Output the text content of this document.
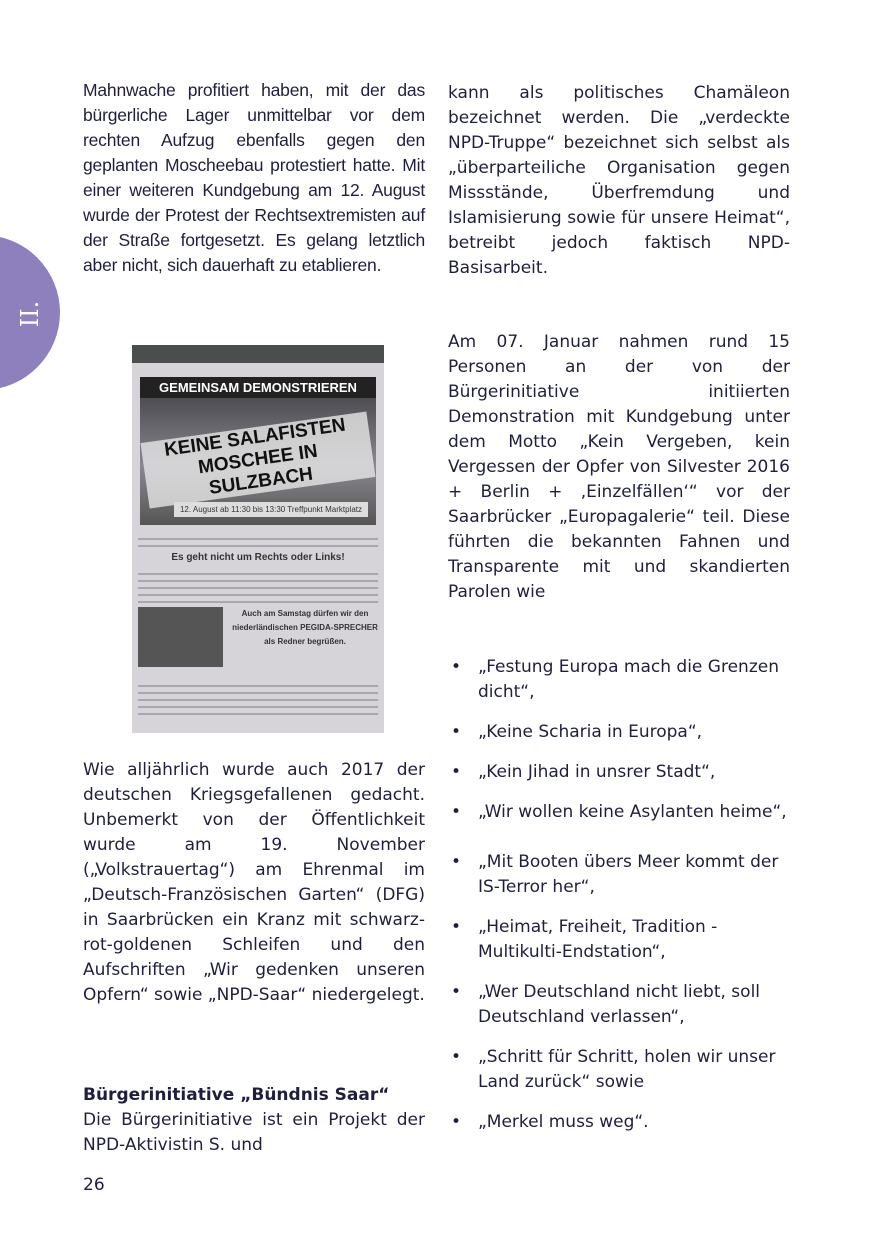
II.

Mahnwache profitiert haben, mit der das bürgerliche Lager unmittelbar vor dem rechten Aufzug ebenfalls gegen den geplanten Moscheebau protestiert hatte. Mit einer weiteren Kundgebung am 12. August wurde der Protest der Rechtsextremisten auf der Straße fortgesetzt. Es gelang letztlich aber nicht, sich dauerhaft zu etablieren.

GEMEINSAM DEMONSTRIEREN
KEINE SALAFISTEN MOSCHEE IN SULZBACH
12. August ab 11:30 bis 13:30 Treffpunkt Marktplatz
Es geht nicht um Rechts oder Links!
Auch am Samstag dürfen wir den niederländischen PEGIDA-SPRECHER als Redner begrüßen.

Wie alljährlich wurde auch 2017 der deutschen Kriegsgefallenen gedacht. Unbemerkt von der Öffentlichkeit wurde am 19. November („Volkstrauertag“) am Ehrenmal im „Deutsch-Französischen Garten“ (DFG) in Saarbrücken ein Kranz mit schwarz-rot-goldenen Schleifen und den Aufschriften „Wir gedenken unseren Opfern“ sowie „NPD-Saar“ niedergelegt.

Bürgerinitiative „Bündnis Saar“

Die Bürgerinitiative ist ein Projekt der NPD-Aktivistin S. und

kann als politisches Chamäleon bezeichnet werden. Die „verdeckte NPD-Truppe“ bezeichnet sich selbst als „überparteiliche Organisation gegen Missstände, Überfremdung und Islamisierung sowie für unsere Heimat“, betreibt jedoch faktisch NPD-Basisarbeit.

Am 07. Januar nahmen rund 15 Personen an der von der Bürgerinitiative initiierten Demonstration mit Kundgebung unter dem Motto „Kein Vergeben, kein Vergessen der Opfer von Silvester 2016 + Berlin + ‚Einzelfällen‘“ vor der Saarbrücker „Europagalerie“ teil. Diese führten die bekannten Fahnen und Transparente mit und skandierten Parolen wie

• „Festung Europa mach die Grenzen dicht“,
• „Keine Scharia in Europa“,
• „Kein Jihad in unsrer Stadt“,
• „Wir wollen keine Asylanten heime“,
• „Mit Booten übers Meer kommt der IS-Terror her“,
• „Heimat, Freiheit, Tradition - Multikulti-Endstation“,
• „Wer Deutschland nicht liebt, soll Deutschland verlassen“,
• „Schritt für Schritt, holen wir unser Land zurück“ sowie
• „Merkel muss weg“.
26
